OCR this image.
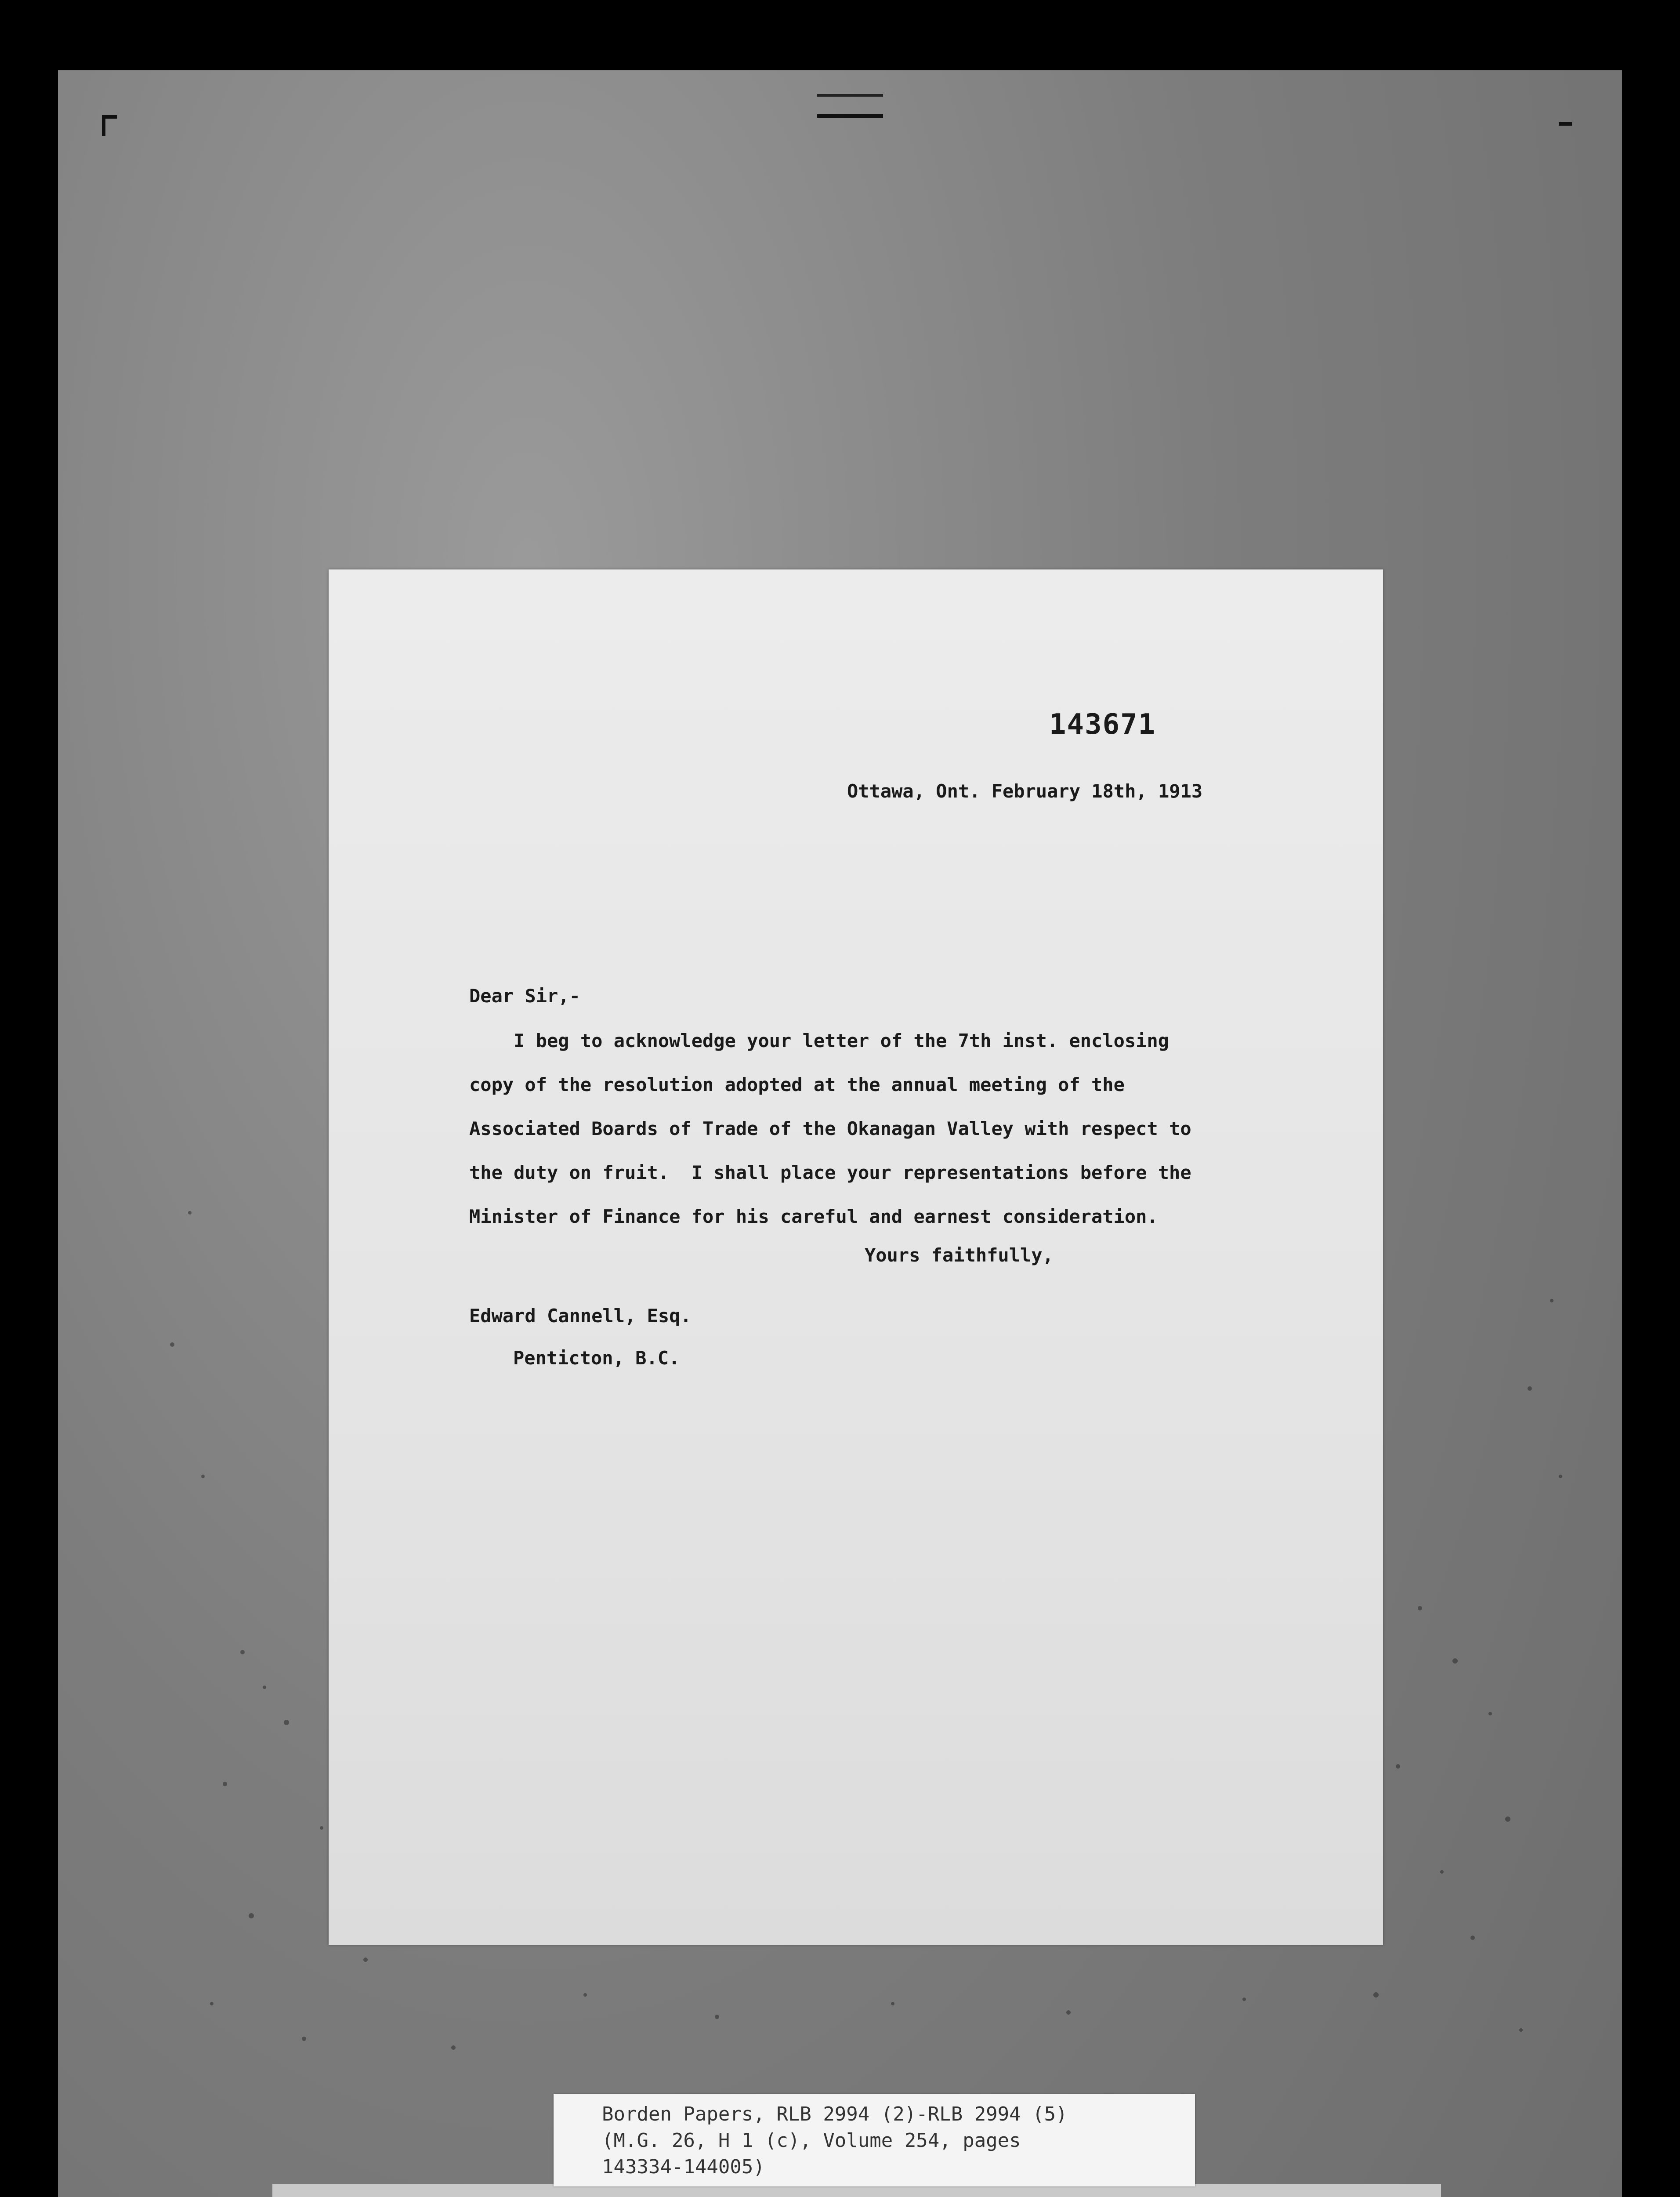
143671
Ottawa, Ont. February 18th, 1913
Dear Sir,-
I beg to acknowledge your letter of the 7th inst. enclosing
copy of the resolution adopted at the annual meeting of the
Associated Boards of Trade of the Okanagan Valley with respect to
the duty on fruit.  I shall place your representations before the
Minister of Finance for his careful and earnest consideration.
Yours faithfully,
Edward Cannell, Esq.
Penticton, B.C.
Borden Papers, RLB 2994 (2)-RLB 2994 (5)
(M.G. 26, H 1 (c), Volume 254, pages
143334-144005)
